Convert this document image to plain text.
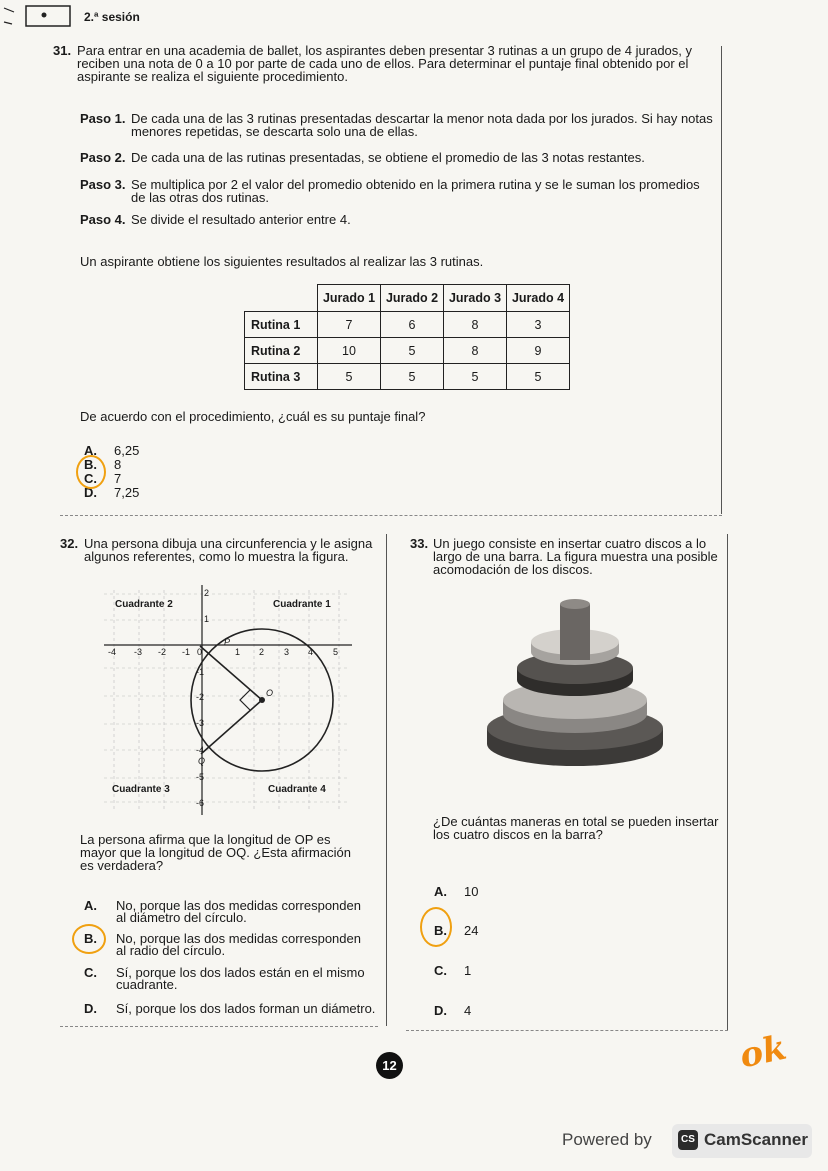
2.ª sesión
31. Para entrar en una academia de ballet, los aspirantes deben presentar 3 rutinas a un grupo de 4 jurados, y
reciben una nota de 0 a 10 por parte de cada uno de ellos. Para determinar el puntaje final obtenido por el
aspirante se realiza el siguiente procedimiento.
Paso 1. De cada una de las 3 rutinas presentadas descartar la menor nota dada por los jurados. Si hay notas
menores repetidas, se descarta solo una de ellas.
Paso 2. De cada una de las rutinas presentadas, se obtiene el promedio de las 3 notas restantes.
Paso 3. Se multiplica por 2 el valor del promedio obtenido en la primera rutina y se le suman los promedios
de las otras dos rutinas.
Paso 4. Se divide el resultado anterior entre 4.
Un aspirante obtiene los siguientes resultados al realizar las 3 rutinas.
	Jurado 1	Jurado 2	Jurado 3	Jurado 4
Rutina 1	7	6	8	3
Rutina 2	10	5	8	9
Rutina 3	5	5	5	5
De acuerdo con el procedimiento, ¿cuál es su puntaje final?
A. 6,25
B. 8
C. 7
D. 7,25
32. Una persona dibuja una circunferencia y le asigna
algunos referentes, como lo muestra la figura.
Cuadrante 2	Cuadrante 1
Cuadrante 3	Cuadrante 4
-4 -3 -2 -1 0	1 2 3 4 5
2
1
-1
-2
-3
-4
-5
-6
P
O
Q
La persona afirma que la longitud de OP es
mayor que la longitud de OQ. ¿Esta afirmación
es verdadera?
A. No, porque las dos medidas corresponden
al diámetro del círculo.
B. No, porque las dos medidas corresponden
al radio del círculo.
C. Sí, porque los dos lados están en el mismo
cuadrante.
D. Sí, porque los dos lados forman un diámetro.
33. Un juego consiste en insertar cuatro discos a lo
largo de una barra. La figura muestra una posible
acomodación de los discos.
¿De cuántas maneras en total se pueden insertar
los cuatro discos en la barra?
A. 10
B. 24
C. 1
D. 4
12	ok
Powered by	CS CamScanner
